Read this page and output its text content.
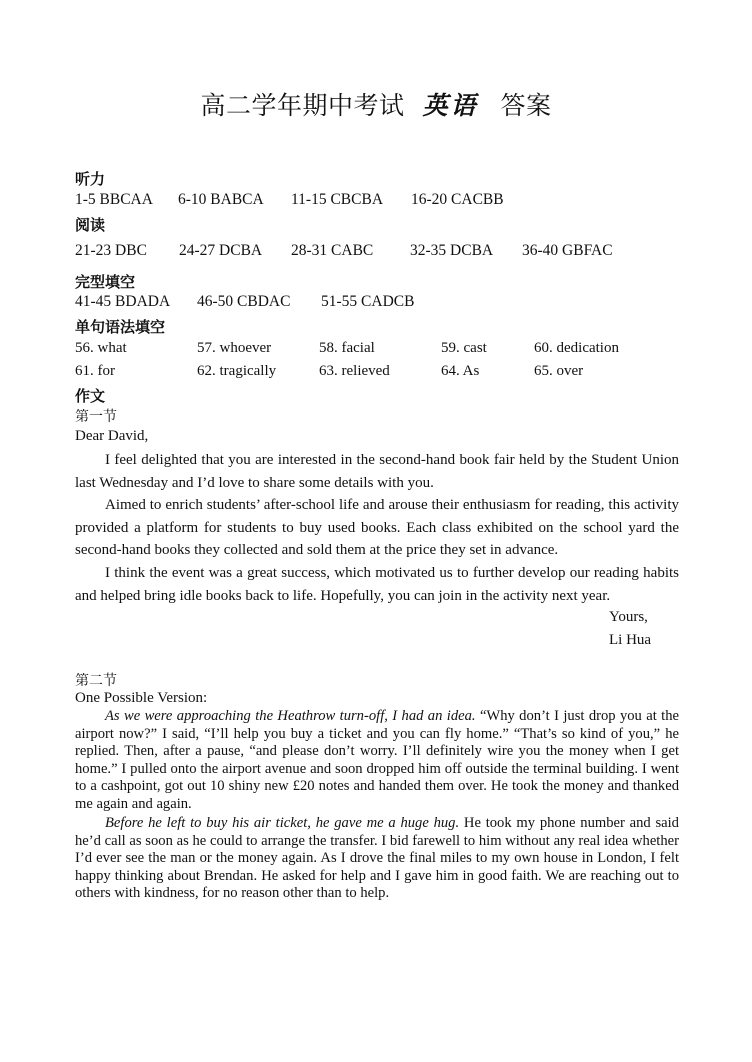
高二学年期中考试 英语 答案
听力
1-5 BBCAA 6-10 BABCA 11-15 CBCBA 16-20 CACBB
阅读
21-23 DBC 24-27 DCBA 28-31 CABC 32-35 DCBA 36-40 GBFAC
完型填空
41-45 BDADA 46-50 CBDAC 51-55 CADCB
单句语法填空
56. what	57. whoever	58. facial	59. cast	60. dedication
61. for	62. tragically	63. relieved	64. As	65. over
作文
第一节
Dear David,

I feel delighted that you are interested in the second-hand book fair held by the Student Union last Wednesday and I’d love to share some details with you.

Aimed to enrich students’ after-school life and arouse their enthusiasm for reading, this activity provided a platform for students to buy used books. Each class exhibited on the school yard the second-hand books they collected and sold them at the price they set in advance.

I think the event was a great success, which motivated us to further develop our reading habits and helped bring idle books back to life. Hopefully, you can join in the activity next year.

Yours,
Li Hua
第二节
One Possible Version:

As we were approaching the Heathrow turn-off, I had an idea. “Why don’t I just drop you at the airport now?” I said, “I’ll help you buy a ticket and you can fly home.” “That’s so kind of you,” he replied. Then, after a pause, “and please don’t worry. I’ll definitely wire you the money when I get home.” I pulled onto the airport avenue and soon dropped him off outside the terminal building. I went to a cashpoint, got out 10 shiny new £20 notes and handed them over. He took the money and thanked me again and again.

Before he left to buy his air ticket, he gave me a huge hug. He took my phone number and said he’d call as soon as he could to arrange the transfer. I bid farewell to him without any real idea whether I’d ever see the man or the money again. As I drove the final miles to my own house in London, I felt happy thinking about Brendan. He asked for help and I gave him in good faith. We are reaching out to others with kindness, for no reason other than to help.
